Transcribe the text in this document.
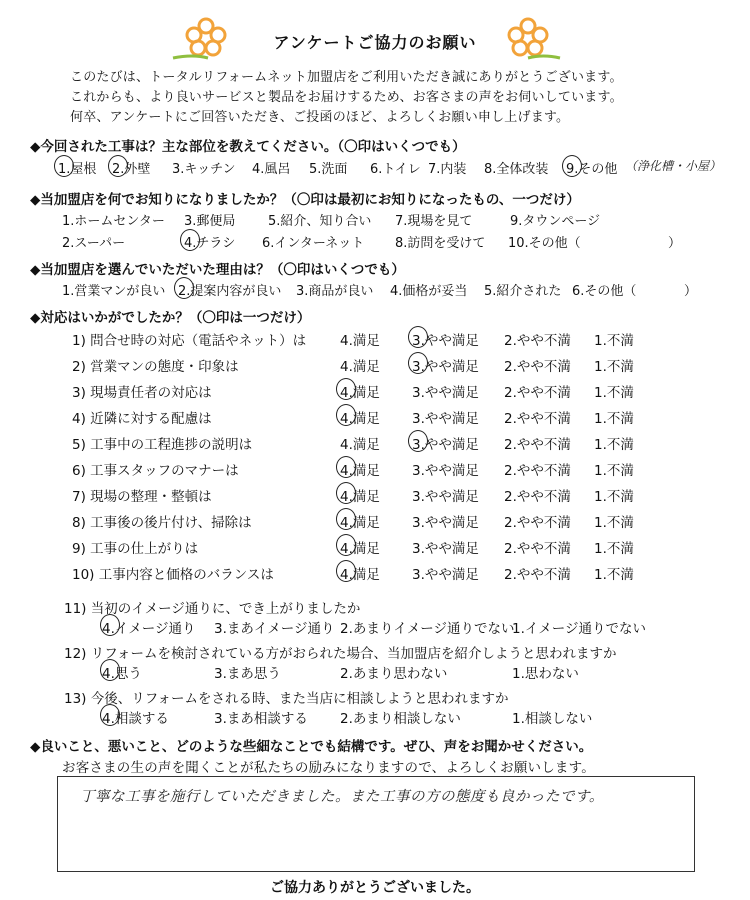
アンケートご協力のお願い
このたびは、トータルリフォームネット加盟店をご利用いただき誠にありがとうございます。
これからも、より良いサービスと製品をお届けするため、お客さまの声をお伺いしています。
何卒、アンケートにご回答いただき、ご投函のほど、よろしくお願い申し上げます。
◆今回された工事は？主な部位を教えてください。（〇印はいくつでも）
1.屋根 2.外壁 3.キッチン 4.風呂 5.洗面 6.トイレ 7.内装 8.全体改装 9.その他 （浄化槽・小屋）
◆当加盟店を何でお知りになりましたか？（〇印は最初にお知りになったもの、一つだけ）
1.ホームセンター 3.郵便局	5.紹介、知り合い 7.現場を見て	9.タウンページ
2.スーパー	4.チラシ 6.インターネット 8.訪問を受けて 10.その他（	）
◆当加盟店を選んでいただいた理由は？（〇印はいくつでも）
1.営業マンが良い 2.提案内容が良い 3.商品が良い 4.価格が妥当 5.紹介された 6.その他（	）
◆対応はいかがでしたか？（〇印は一つだけ）
1) 問合せ時の対応（電話やネット）は	4.満足 3.やや満足 2.やや不満 1.不満
2) 営業マンの態度・印象は	4.満足 3.やや満足 2.やや不満 1.不満
3) 現場責任者の対応は	4.満足 3.やや満足 2.やや不満 1.不満
4) 近隣に対する配慮は	4.満足 3.やや満足 2.やや不満 1.不満
5) 工事中の工程進捗の説明は	4.満足 3.やや満足 2.やや不満 1.不満
6) 工事スタッフのマナーは	4.満足 3.やや満足 2.やや不満 1.不満
7) 現場の整理・整頓は	4.満足 3.やや満足 2.やや不満 1.不満
8) 工事後の後片付け、掃除は	4.満足 3.やや満足 2.やや不満 1.不満
9) 工事の仕上がりは	4.満足 3.やや満足 2.やや不満 1.不満
10) 工事内容と価格のバランスは	4.満足 3.やや満足 2.やや不満 1.不満
11) 当初のイメージ通りに、でき上がりましたか
4.イメージ通り 3.まあイメージ通り 2.あまりイメージ通りでない
1.イメージ通りでない
12) リフォームを検討されている方がおられた場合、当加盟店を紹介しようと思われますか
4.思う	3.まあ思う	2.あまり思わない	1.思わない
13) 今後、リフォームをされる時、また当店に相談しようと思われますか
4.相談する	3.まあ相談する 2.あまり相談しない	1.相談しない
◆良いこと、悪いこと、どのような些細なことでも結構です。ぜひ、声をお聞かせください。
お客さまの生の声を聞くことが私たちの励みになりますので、よろしくお願いします。
丁寧な工事を施行していただきました。また工事の方の態度も良かったです。
ご協力ありがとうございました。
